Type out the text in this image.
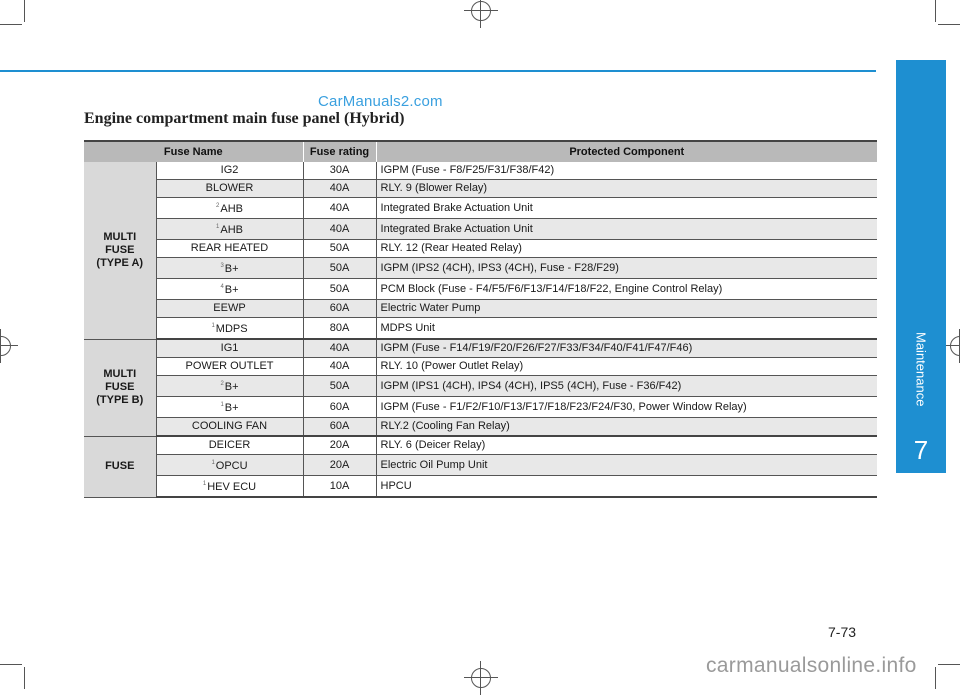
Maintenance
7
CarManuals2.com
Engine compartment main fuse panel (Hybrid)
Fuse Name		Fuse rating	Protected Component

MULTI
FUSE
(TYPE A)	IG2	30A	IGPM (Fuse - F8/F25/F31/F38/F42)
	BLOWER	40A	RLY. 9 (Blower Relay)
	$^2$AHB	40A	Integrated Brake Actuation Unit
	$^1$AHB	40A	Integrated Brake Actuation Unit
	REAR HEATED	50A	RLY. 12 (Rear Heated Relay)
	$^3$B+	50A	IGPM (IPS2 (4CH), IPS3 (4CH), Fuse - F28/F29)
	$^4$B+	50A	PCM Block (Fuse - F4/F5/F6/F13/F14/F18/F22, Engine Control Relay)
	EEWP	60A	Electric Water Pump
	$^1$MDPS	80A	MDPS Unit

MULTI
FUSE
(TYPE B)	IG1	40A	IGPM (Fuse - F14/F19/F20/F26/F27/F33/F34/F40/F41/F47/F46)
	POWER OUTLET	40A	RLY. 10 (Power Outlet Relay)
	$^2$B+	50A	IGPM (IPS1 (4CH), IPS4 (4CH), IPS5 (4CH), Fuse - F36/F42)
	$^1$B+	60A	IGPM (Fuse - F1/F2/F10/F13/F17/F18/F23/F24/F30, Power Window Relay)
	COOLING FAN	60A	RLY.2 (Cooling Fan Relay)

FUSE	DEICER	20A	RLY. 6 (Deicer Relay)
	$^1$OPCU	20A	Electric Oil Pump Unit
	$^1$HEV ECU	10A	HPCU
7-73
carmanualsonline.info
